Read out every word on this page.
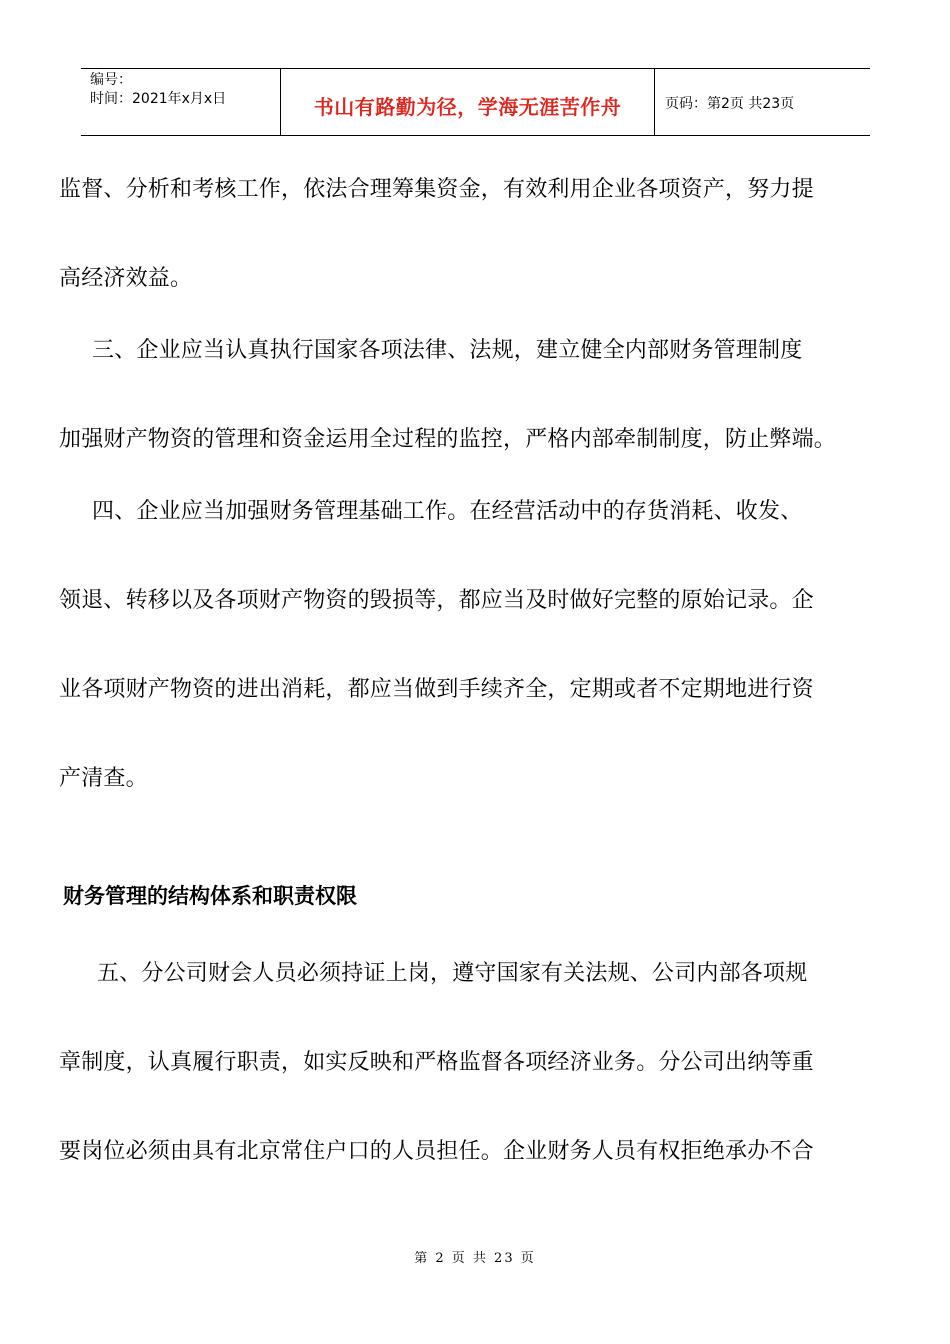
编号：
时间：2021年x月x日	书山有路勤为径，学海无涯苦作舟	页码：第2页 共23页
监督、分析和考核工作，依法合理筹集资金，有效利用企业各项资产，努力提
高经济效益。
三、企业应当认真执行国家各项法律、法规，建立健全内部财务管理制度
加强财产物资的管理和资金运用全过程的监控，严格内部牵制制度，防止弊端。
四、企业应当加强财务管理基础工作。在经营活动中的存货消耗、收发、
领退、转移以及各项财产物资的毁损等，都应当及时做好完整的原始记录。企
业各项财产物资的进出消耗，都应当做到手续齐全，定期或者不定期地进行资
产清查。
财务管理的结构体系和职责权限
五、分公司财会人员必须持证上岗，遵守国家有关法规、公司内部各项规
章制度，认真履行职责，如实反映和严格监督各项经济业务。分公司出纳等重
要岗位必须由具有北京常住户口的人员担任。企业财务人员有权拒绝承办不合
第 2 页 共 23 页
